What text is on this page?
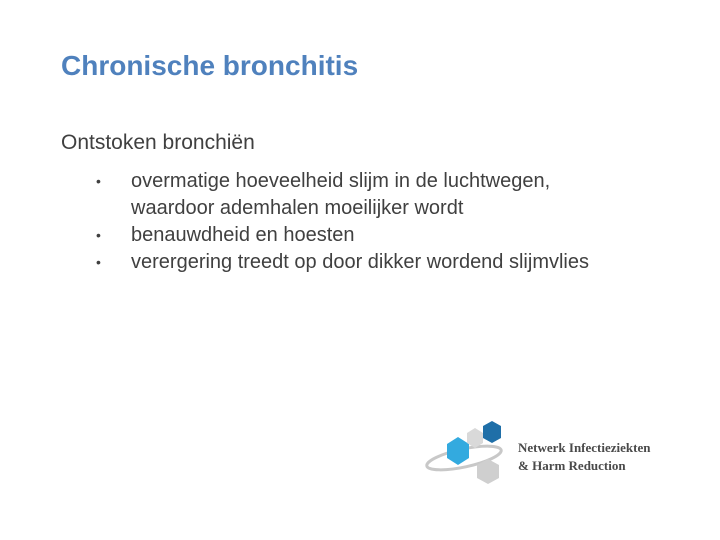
Chronische bronchitis
Ontstoken bronchiën
• overmatige hoeveelheid slijm in de luchtwegen, waardoor ademhalen moeilijker wordt
• benauwdheid en hoesten
• verergering treedt op door dikker wordend slijmvlies
Netwerk Infectieziekten
& Harm Reduction
